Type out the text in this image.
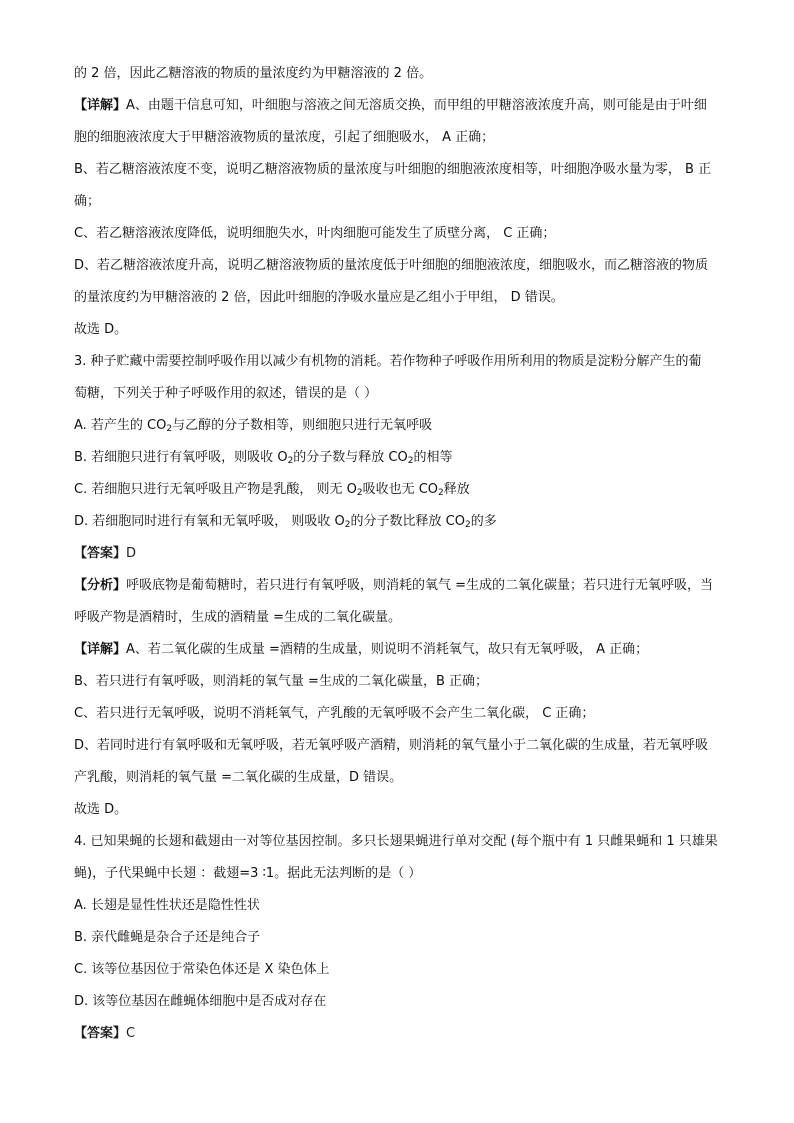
的 2 倍，因此乙糖溶液的物质的量浓度约为甲糖溶液的 2 倍。
【详解】A、由题干信息可知，叶细胞与溶液之间无溶质交换，而甲组的甲糖溶液浓度升高，则可能是由于叶细
胞的细胞液浓度大于甲糖溶液物质的量浓度，引起了细胞吸水， A 正确；
B、若乙糖溶液浓度不变，说明乙糖溶液物质的量浓度与叶细胞的细胞液浓度相等，叶细胞净吸水量为零， B 正
确；
C、若乙糖溶液浓度降低，说明细胞失水，叶肉细胞可能发生了质壁分离， C 正确；
D、若乙糖溶液浓度升高，说明乙糖溶液物质的量浓度低于叶细胞的细胞液浓度，细胞吸水，而乙糖溶液的物质
的量浓度约为甲糖溶液的 2 倍，因此叶细胞的净吸水量应是乙组小于甲组， D 错误。
故选 D。
3. 种子贮藏中需要控制呼吸作用以减少有机物的消耗。若作物种子呼吸作用所利用的物质是淀粉分解产生的葡
萄糖，下列关于种子呼吸作用的叙述，错误的是（ ）
A. 若产生的 $CO_2$与乙醇的分子数相等，则细胞只进行无氧呼吸
B. 若细胞只进行有氧呼吸，则吸收 $O_2$的分子数与释放 $CO_2$的相等
C. 若细胞只进行无氧呼吸且产物是乳酸， 则无 $O_2$吸收也无 $CO_2$释放
D. 若细胞同时进行有氧和无氧呼吸， 则吸收 $O_2$的分子数比释放 $CO_2$的多
【答案】D
【分析】呼吸底物是葡萄糖时，若只进行有氧呼吸，则消耗的氧气 =生成的二氧化碳量；若只进行无氧呼吸，当
呼吸产物是酒精时，生成的酒精量 =生成的二氧化碳量。
【详解】A、若二氧化碳的生成量 =酒精的生成量，则说明不消耗氧气，故只有无氧呼吸， A 正确；
B、若只进行有氧呼吸，则消耗的氧气量 =生成的二氧化碳量，B 正确；
C、若只进行无氧呼吸，说明不消耗氧气，产乳酸的无氧呼吸不会产生二氧化碳， C 正确；
D、若同时进行有氧呼吸和无氧呼吸，若无氧呼吸产酒精，则消耗的氧气量小于二氧化碳的生成量，若无氧呼吸
产乳酸，则消耗的氧气量 =二氧化碳的生成量，D 错误。
故选 D。
4. 已知果蝇的长翅和截翅由一对等位基因控制。多只长翅果蝇进行单对交配 (每个瓶中有 1 只雌果蝇和 1 只雄果
蝇)，子代果蝇中长翅 ：截翅=3 ∶1。据此无法判断的是（ ）
A. 长翅是显性性状还是隐性性状
B. 亲代雌蝇是杂合子还是纯合子
C. 该等位基因位于常染色体还是 X 染色体上
D. 该等位基因在雌蝇体细胞中是否成对存在
【答案】C
